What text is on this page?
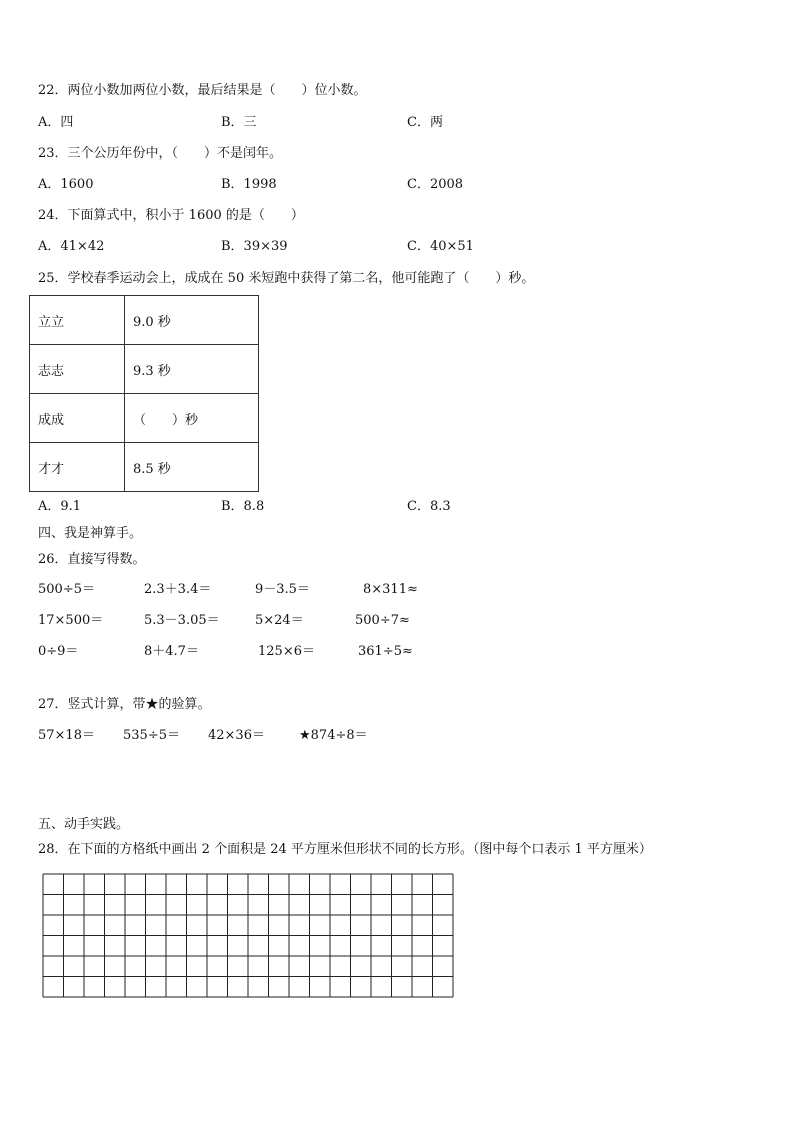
22．两位小数加两位小数，最后结果是（　　）位小数。
A．四	B．三	C．两
23．三个公历年份中，（　　）不是闰年。
A．1600	B．1998	C．2008
24．下面算式中，积小于 1600 的是（　　）
A．41×42	B．39×39	C．40×51
25．学校春季运动会上，成成在 50 米短跑中获得了第二名，他可能跑了（　　）秒。
立立	9.0 秒
志志	9.3 秒
成成	（　　）秒
才才	8.5 秒
A．9.1	B．8.8	C．8.3
四、我是神算手。
26．直接写得数。
500÷5＝	2.3＋3.4＝	9－3.5＝	8×311≈
17×500＝	5.3－3.05＝	5×24＝	500÷7≈
0÷9＝	8＋4.7＝	125×6＝	361÷5≈
27．竖式计算，带★的验算。
57×18＝ 535÷5＝ 42×36＝	★874÷8＝
五、动手实践。
28．在下面的方格纸中画出 2 个面积是 24 平方厘米但形状不同的长方形。（图中每个口表示 1 平方厘米）
